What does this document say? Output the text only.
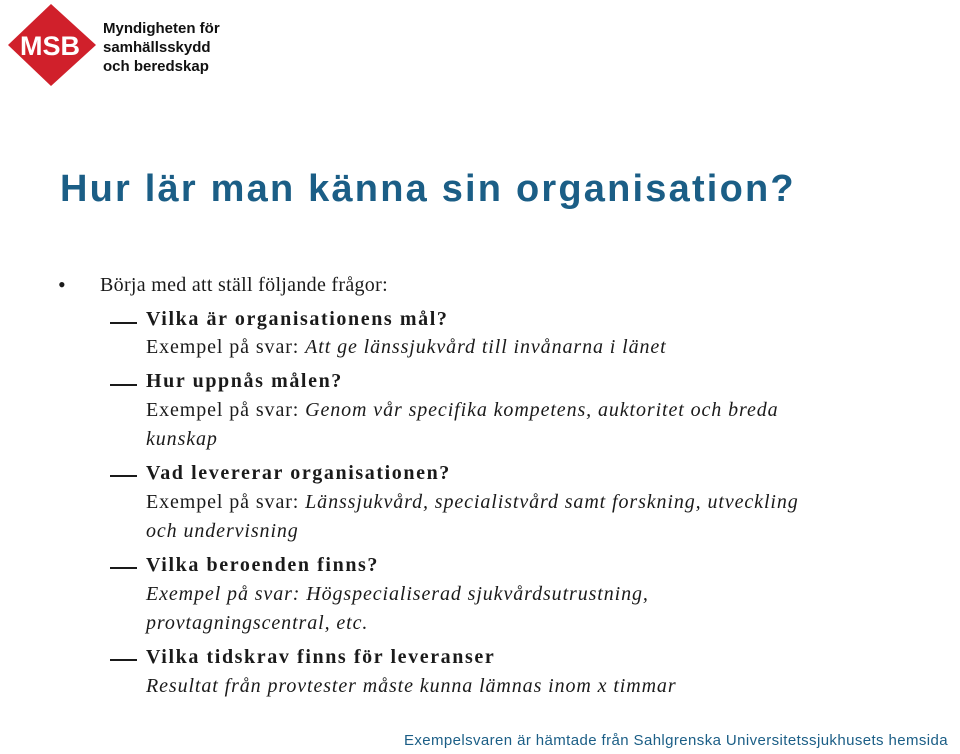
MSB
Myndigheten för
samhällsskydd
och beredskap
Hur lär man känna sin organisation?
• Börja med att ställ följande frågor:
Vilka är organisationens mål?
Exempel på svar: Att ge länssjukvård till invånarna i länet
Hur uppnås målen?
Exempel på svar: Genom vår specifika kompetens, auktoritet och breda
kunskap
Vad levererar organisationen?
Exempel på svar: Länssjukvård, specialistvård samt forskning, utveckling
och undervisning
Vilka beroenden finns?
Exempel på svar: Högspecialiserad sjukvårdsutrustning,
provtagningscentral, etc.
Vilka tidskrav finns för leveranser
Resultat från provtester måste kunna lämnas inom x timmar
Exempelsvaren är hämtade från Sahlgrenska Universitetssjukhusets hemsida
